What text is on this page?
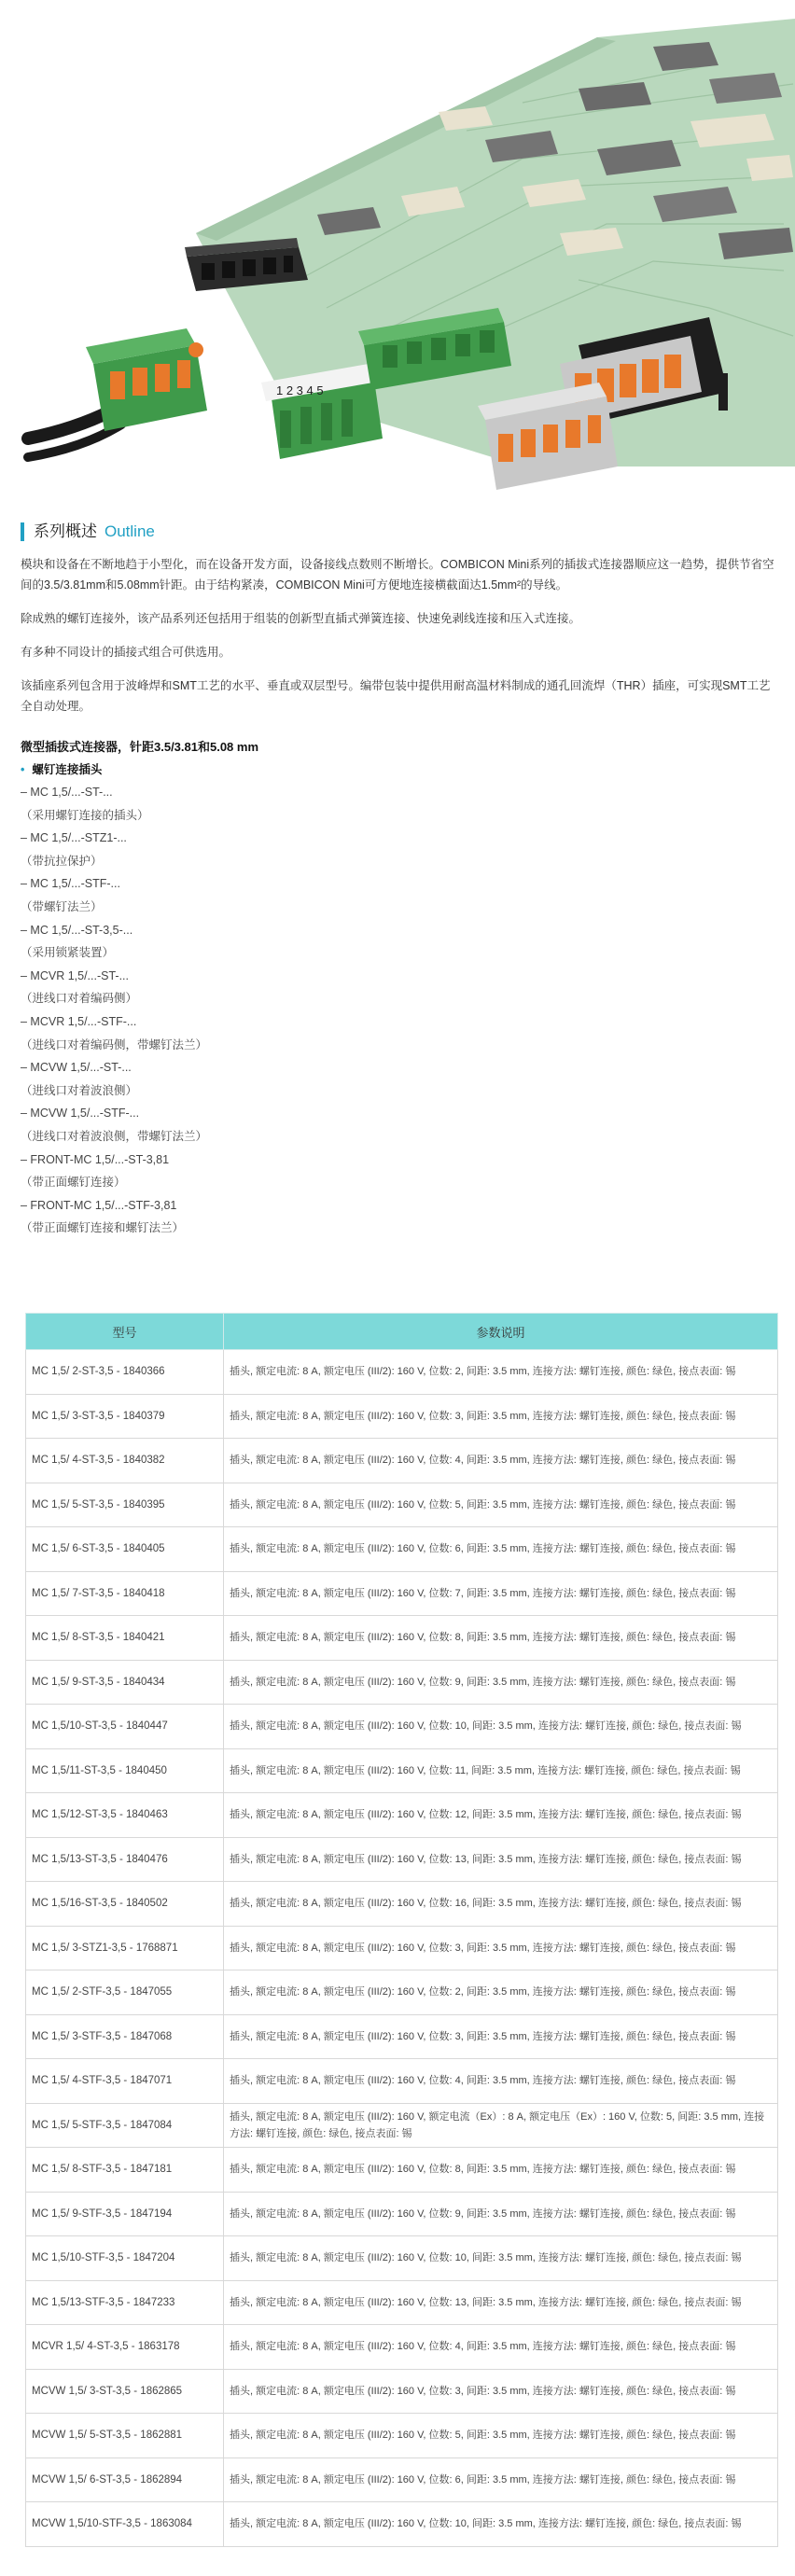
1 2 3 4 5
系列概述 Outline

模块和设备在不断地趋于小型化，而在设备开发方面，设备接线点数则不断增长。COMBICON Mini系列的插拔式连接器顺应这一趋势，提供节省空间的3.5/3.81mm和5.08mm针距。由于结构紧凑，COMBICON Mini可方便地连接横截面达1.5mm²的导线。

除成熟的螺钉连接外，该产品系列还包括用于组装的创新型直插式弹簧连接、快速免剥线连接和压入式连接。

有多种不同设计的插接式组合可供选用。

该插座系列包含用于波峰焊和SMT工艺的水平、垂直或双层型号。编带包装中提供用耐高温材料制成的通孔回流焊（THR）插座，可实现SMT工艺全自动处理。

微型插拔式连接器，针距3.5/3.81和5.08 mm
• 螺钉连接插头
– MC 1,5/...-ST-...
（采用螺钉连接的插头）
– MC 1,5/...-STZ1-...
（带抗拉保护）
– MC 1,5/...-STF-...
（带螺钉法兰）
– MC 1,5/...-ST-3,5-...
（采用锁紧装置）
– MCVR 1,5/...-ST-...
（进线口对着编码侧）
– MCVR 1,5/...-STF-...
（进线口对着编码侧，带螺钉法兰）
– MCVW 1,5/...-ST-...
（进线口对着波浪侧）
– MCVW 1,5/...-STF-...
（进线口对着波浪侧，带螺钉法兰）
– FRONT-MC 1,5/...-ST-3,81
（带正面螺钉连接）
– FRONT-MC 1,5/...-STF-3,81
（带正面螺钉连接和螺钉法兰）
型号	参数说明
MC 1,5/ 2-ST-3,5 - 1840366	插头, 额定电流: 8 A, 额定电压 (III/2): 160 V, 位数: 2, 间距: 3.5 mm, 连接方法: 螺钉连接, 颜色: 绿色, 接点表面: 锡
MC 1,5/ 3-ST-3,5 - 1840379	插头, 额定电流: 8 A, 额定电压 (III/2): 160 V, 位数: 3, 间距: 3.5 mm, 连接方法: 螺钉连接, 颜色: 绿色, 接点表面: 锡
MC 1,5/ 4-ST-3,5 - 1840382	插头, 额定电流: 8 A, 额定电压 (III/2): 160 V, 位数: 4, 间距: 3.5 mm, 连接方法: 螺钉连接, 颜色: 绿色, 接点表面: 锡
MC 1,5/ 5-ST-3,5 - 1840395	插头, 额定电流: 8 A, 额定电压 (III/2): 160 V, 位数: 5, 间距: 3.5 mm, 连接方法: 螺钉连接, 颜色: 绿色, 接点表面: 锡
MC 1,5/ 6-ST-3,5 - 1840405	插头, 额定电流: 8 A, 额定电压 (III/2): 160 V, 位数: 6, 间距: 3.5 mm, 连接方法: 螺钉连接, 颜色: 绿色, 接点表面: 锡
MC 1,5/ 7-ST-3,5 - 1840418	插头, 额定电流: 8 A, 额定电压 (III/2): 160 V, 位数: 7, 间距: 3.5 mm, 连接方法: 螺钉连接, 颜色: 绿色, 接点表面: 锡
MC 1,5/ 8-ST-3,5 - 1840421	插头, 额定电流: 8 A, 额定电压 (III/2): 160 V, 位数: 8, 间距: 3.5 mm, 连接方法: 螺钉连接, 颜色: 绿色, 接点表面: 锡
MC 1,5/ 9-ST-3,5 - 1840434	插头, 额定电流: 8 A, 额定电压 (III/2): 160 V, 位数: 9, 间距: 3.5 mm, 连接方法: 螺钉连接, 颜色: 绿色, 接点表面: 锡
MC 1,5/10-ST-3,5 - 1840447	插头, 额定电流: 8 A, 额定电压 (III/2): 160 V, 位数: 10, 间距: 3.5 mm, 连接方法: 螺钉连接, 颜色: 绿色, 接点表面: 锡
MC 1,5/11-ST-3,5 - 1840450	插头, 额定电流: 8 A, 额定电压 (III/2): 160 V, 位数: 11, 间距: 3.5 mm, 连接方法: 螺钉连接, 颜色: 绿色, 接点表面: 锡
MC 1,5/12-ST-3,5 - 1840463	插头, 额定电流: 8 A, 额定电压 (III/2): 160 V, 位数: 12, 间距: 3.5 mm, 连接方法: 螺钉连接, 颜色: 绿色, 接点表面: 锡
MC 1,5/13-ST-3,5 - 1840476	插头, 额定电流: 8 A, 额定电压 (III/2): 160 V, 位数: 13, 间距: 3.5 mm, 连接方法: 螺钉连接, 颜色: 绿色, 接点表面: 锡
MC 1,5/16-ST-3,5 - 1840502	插头, 额定电流: 8 A, 额定电压 (III/2): 160 V, 位数: 16, 间距: 3.5 mm, 连接方法: 螺钉连接, 颜色: 绿色, 接点表面: 锡
MC 1,5/ 3-STZ1-3,5 - 1768871	插头, 额定电流: 8 A, 额定电压 (III/2): 160 V, 位数: 3, 间距: 3.5 mm, 连接方法: 螺钉连接, 颜色: 绿色, 接点表面: 锡
MC 1,5/ 2-STF-3,5 - 1847055	插头, 额定电流: 8 A, 额定电压 (III/2): 160 V, 位数: 2, 间距: 3.5 mm, 连接方法: 螺钉连接, 颜色: 绿色, 接点表面: 锡
MC 1,5/ 3-STF-3,5 - 1847068	插头, 额定电流: 8 A, 额定电压 (III/2): 160 V, 位数: 3, 间距: 3.5 mm, 连接方法: 螺钉连接, 颜色: 绿色, 接点表面: 锡
MC 1,5/ 4-STF-3,5 - 1847071	插头, 额定电流: 8 A, 额定电压 (III/2): 160 V, 位数: 4, 间距: 3.5 mm, 连接方法: 螺钉连接, 颜色: 绿色, 接点表面: 锡
MC 1,5/ 5-STF-3,5 - 1847084	插头, 额定电流: 8 A, 额定电压 (III/2): 160 V, 额定电流（Ex）: 8 A, 额定电压（Ex）: 160 V, 位数: 5, 间距: 3.5 mm, 连接方法: 螺钉连接, 颜色: 绿色, 接点表面: 锡
MC 1,5/ 8-STF-3,5 - 1847181	插头, 额定电流: 8 A, 额定电压 (III/2): 160 V, 位数: 8, 间距: 3.5 mm, 连接方法: 螺钉连接, 颜色: 绿色, 接点表面: 锡
MC 1,5/ 9-STF-3,5 - 1847194	插头, 额定电流: 8 A, 额定电压 (III/2): 160 V, 位数: 9, 间距: 3.5 mm, 连接方法: 螺钉连接, 颜色: 绿色, 接点表面: 锡
MC 1,5/10-STF-3,5 - 1847204	插头, 额定电流: 8 A, 额定电压 (III/2): 160 V, 位数: 10, 间距: 3.5 mm, 连接方法: 螺钉连接, 颜色: 绿色, 接点表面: 锡
MC 1,5/13-STF-3,5 - 1847233	插头, 额定电流: 8 A, 额定电压 (III/2): 160 V, 位数: 13, 间距: 3.5 mm, 连接方法: 螺钉连接, 颜色: 绿色, 接点表面: 锡
MCVR 1,5/ 4-ST-3,5 - 1863178	插头, 额定电流: 8 A, 额定电压 (III/2): 160 V, 位数: 4, 间距: 3.5 mm, 连接方法: 螺钉连接, 颜色: 绿色, 接点表面: 锡
MCVW 1,5/ 3-ST-3,5 - 1862865	插头, 额定电流: 8 A, 额定电压 (III/2): 160 V, 位数: 3, 间距: 3.5 mm, 连接方法: 螺钉连接, 颜色: 绿色, 接点表面: 锡
MCVW 1,5/ 5-ST-3,5 - 1862881	插头, 额定电流: 8 A, 额定电压 (III/2): 160 V, 位数: 5, 间距: 3.5 mm, 连接方法: 螺钉连接, 颜色: 绿色, 接点表面: 锡
MCVW 1,5/ 6-ST-3,5 - 1862894	插头, 额定电流: 8 A, 额定电压 (III/2): 160 V, 位数: 6, 间距: 3.5 mm, 连接方法: 螺钉连接, 颜色: 绿色, 接点表面: 锡
MCVW 1,5/10-STF-3,5 - 1863084	插头, 额定电流: 8 A, 额定电压 (III/2): 160 V, 位数: 10, 间距: 3.5 mm, 连接方法: 螺钉连接, 颜色: 绿色, 接点表面: 锡
